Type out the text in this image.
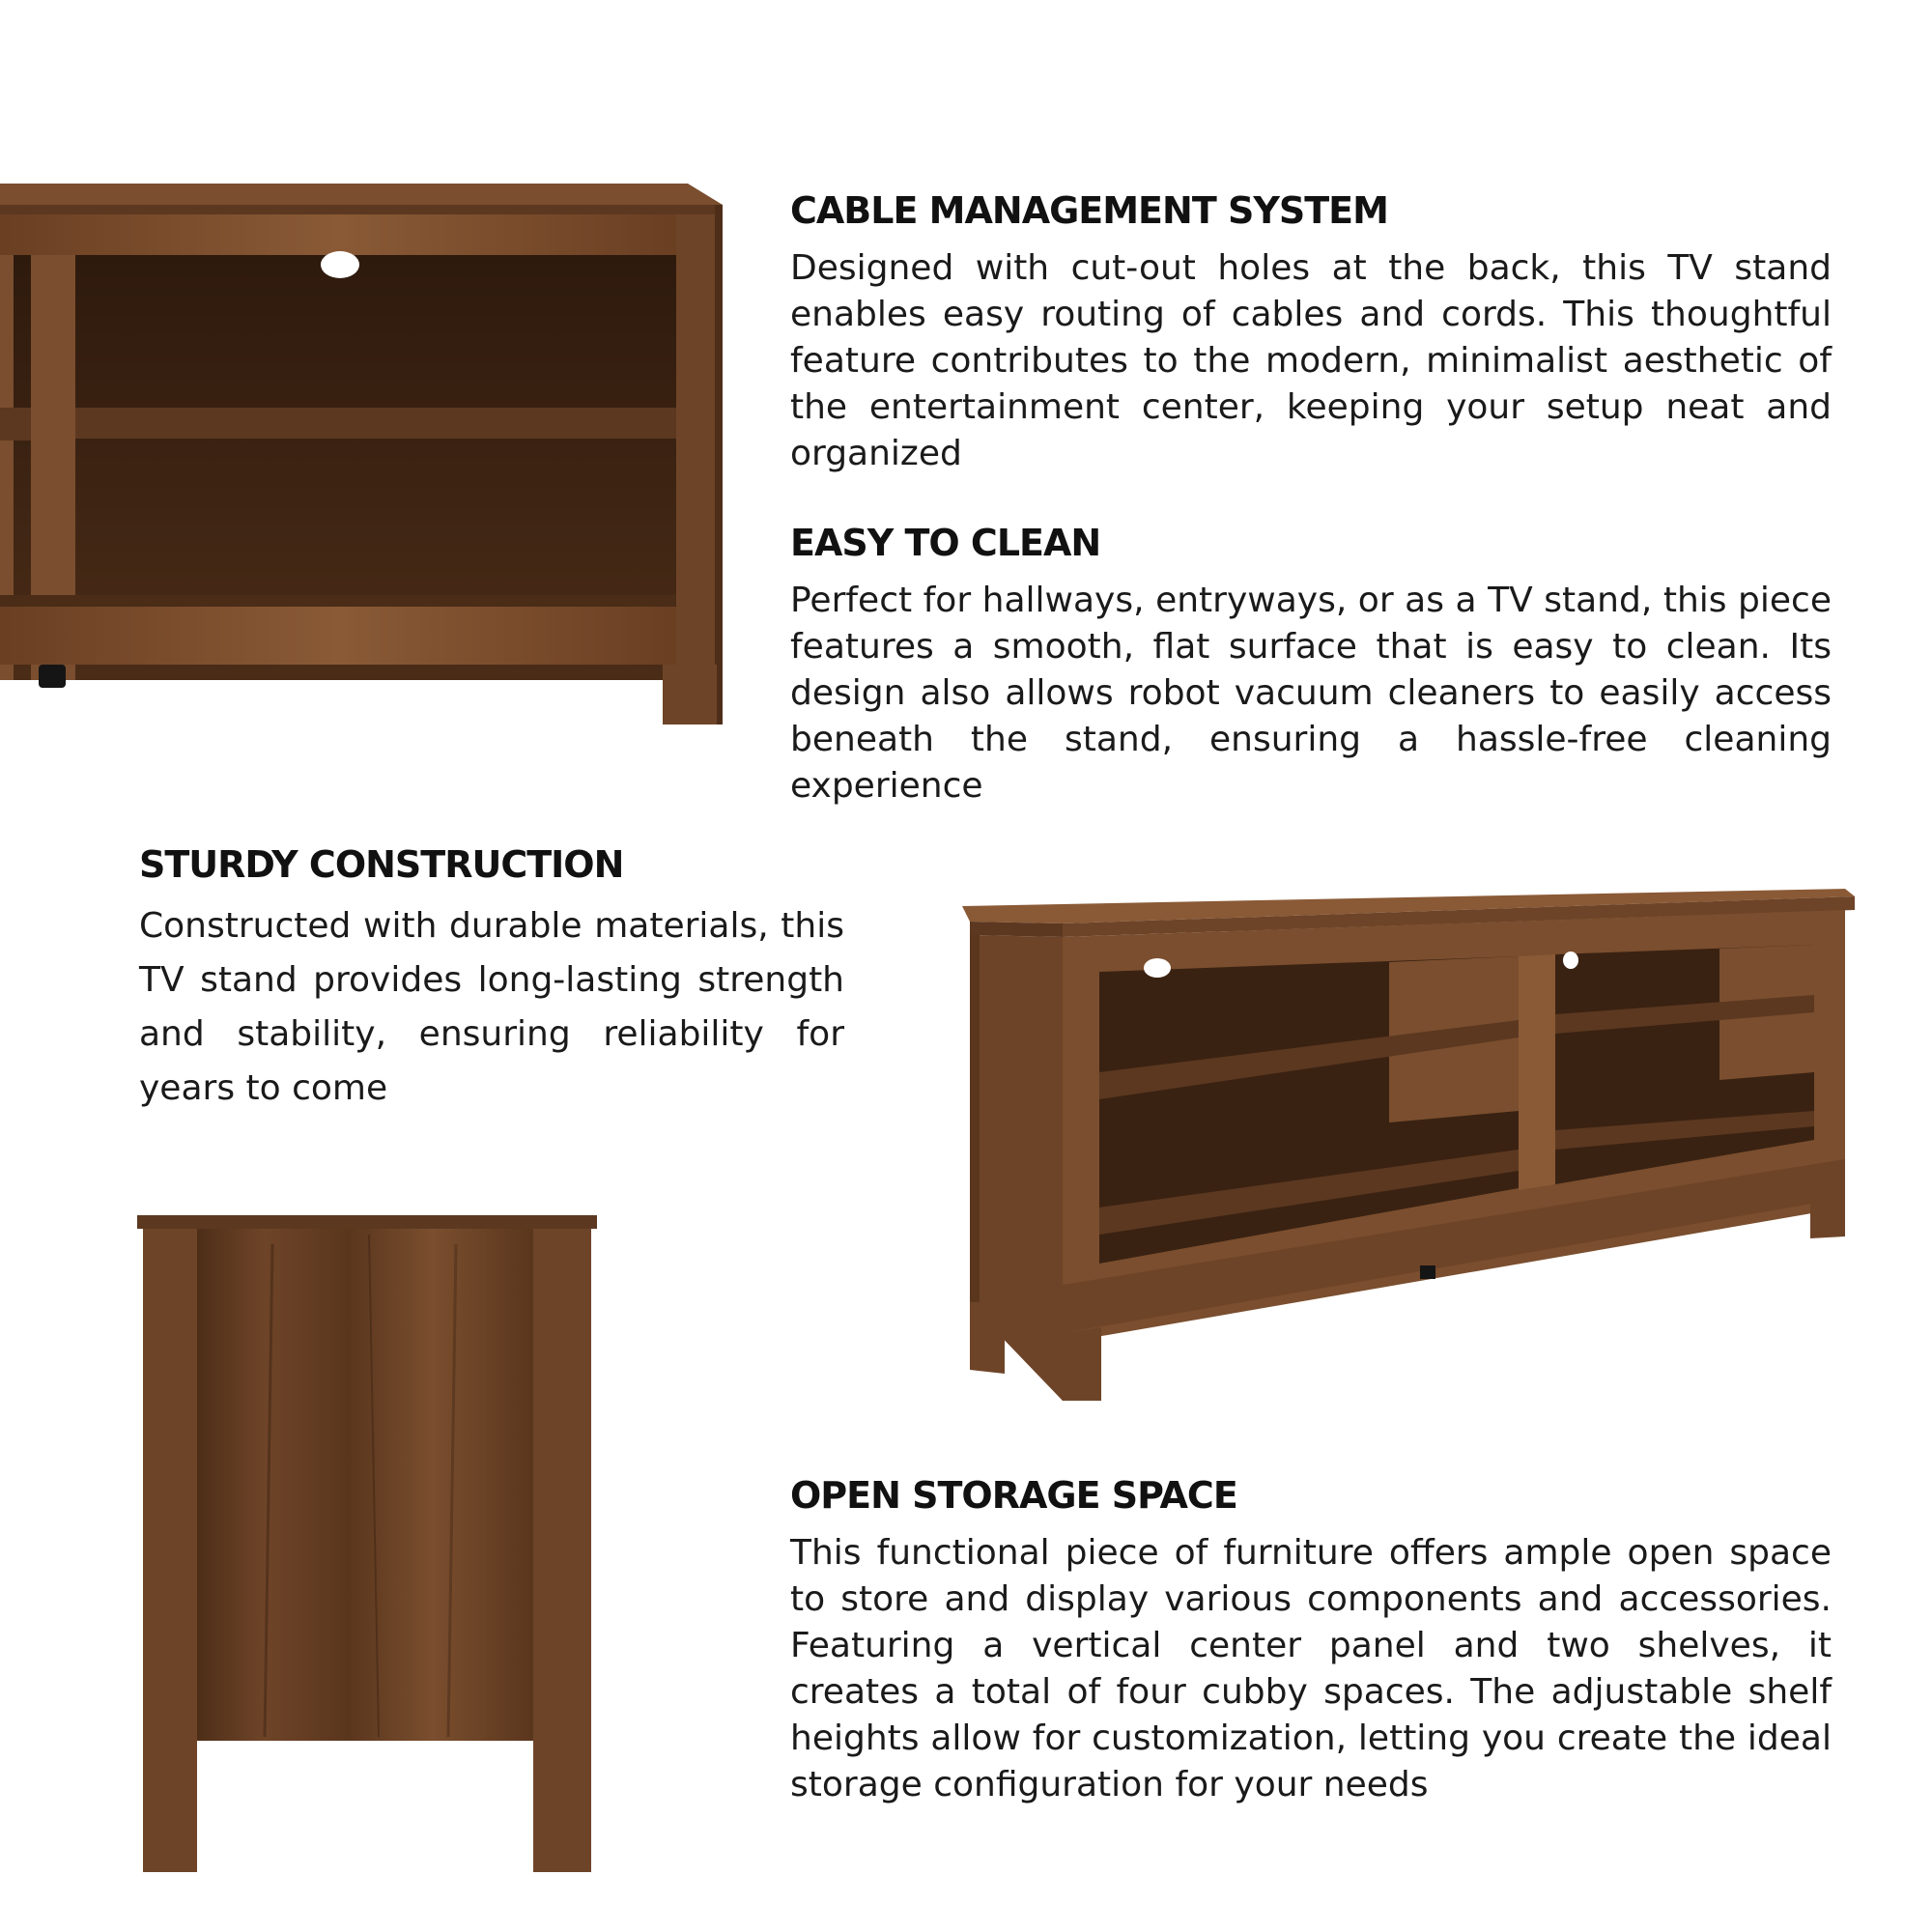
CABLE MANAGEMENT SYSTEM

Designed with cut-out holes at the back, this TV stand enables easy routing of cables and cords. This thoughtful feature contributes to the modern, minimalist aesthetic of the entertainment center, keeping your setup neat and organized

EASY TO CLEAN

Perfect for hallways, entryways, or as a TV stand, this piece features a smooth, flat surface that is easy to clean. Its design also allows robot vacuum cleaners to easily access beneath the stand, ensuring a hassle-free cleaning experience

STURDY CONSTRUCTION

Constructed with durable materials, this TV stand provides long-lasting strength and stability, ensuring reliability for years to come

OPEN STORAGE SPACE

This functional piece of furniture offers ample open space to store and display various components and accessories. Featuring a vertical center panel and two shelves, it creates a total of four cubby spaces. The adjustable shelf heights allow for customization, letting you create the ideal storage configuration for your needs
